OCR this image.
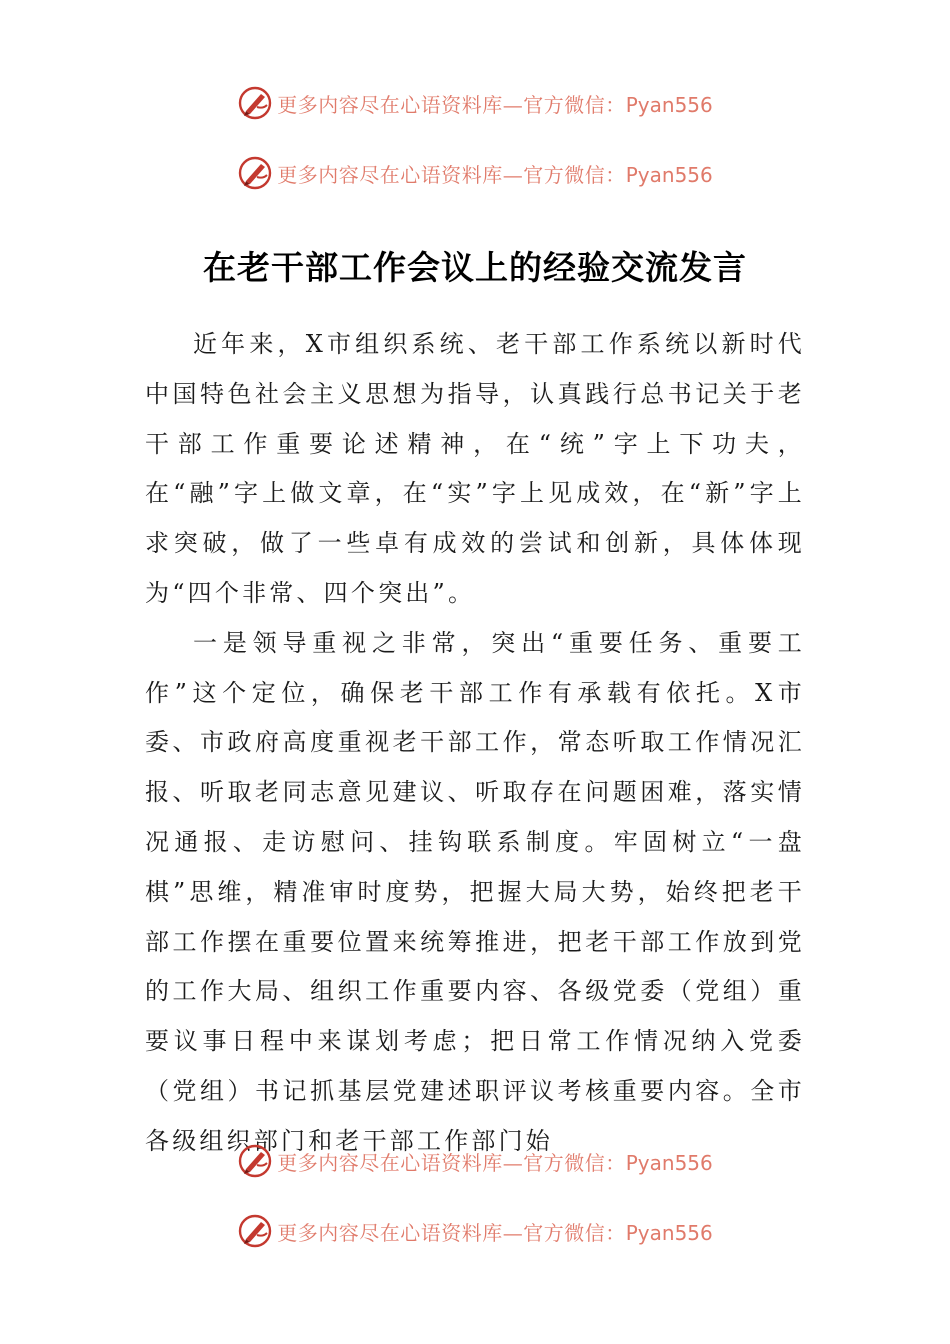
更多内容尽在心语资料库—官方微信：Pyan556
更多内容尽在心语资料库—官方微信：Pyan556
在老干部工作会议上的经验交流发言

近年来，X市组织系统、老干部工作系统以新时代中国特色社会主义思想为指导，认真践行总书记关于老干部工作重要论述精神，在“统”字上下功夫，在“融”字上做文章，在“实”字上见成效，在“新”字上求突破，做了一些卓有成效的尝试和创新，具体体现为“四个非常、四个突出”。

一是领导重视之非常，突出“重要任务、重要工作”这个定位，确保老干部工作有承载有依托。X市委、市政府高度重视老干部工作，常态听取工作情况汇报、听取老同志意见建议、听取存在问题困难，落实情况通报、走访慰问、挂钩联系制度。牢固树立“一盘棋”思维，精准审时度势，把握大局大势，始终把老干部工作摆在重要位置来统筹推进，把老干部工作放到党的工作大局、组织工作重要内容、各级党委（党组）重要议事日程中来谋划考虑；把日常工作情况纳入党委（党组）书记抓基层党建述职评议考核重要内容。全市各级组织部门和老干部工作部门始

更多内容尽在心语资料库—官方微信：Pyan556
更多内容尽在心语资料库—官方微信：Pyan556
